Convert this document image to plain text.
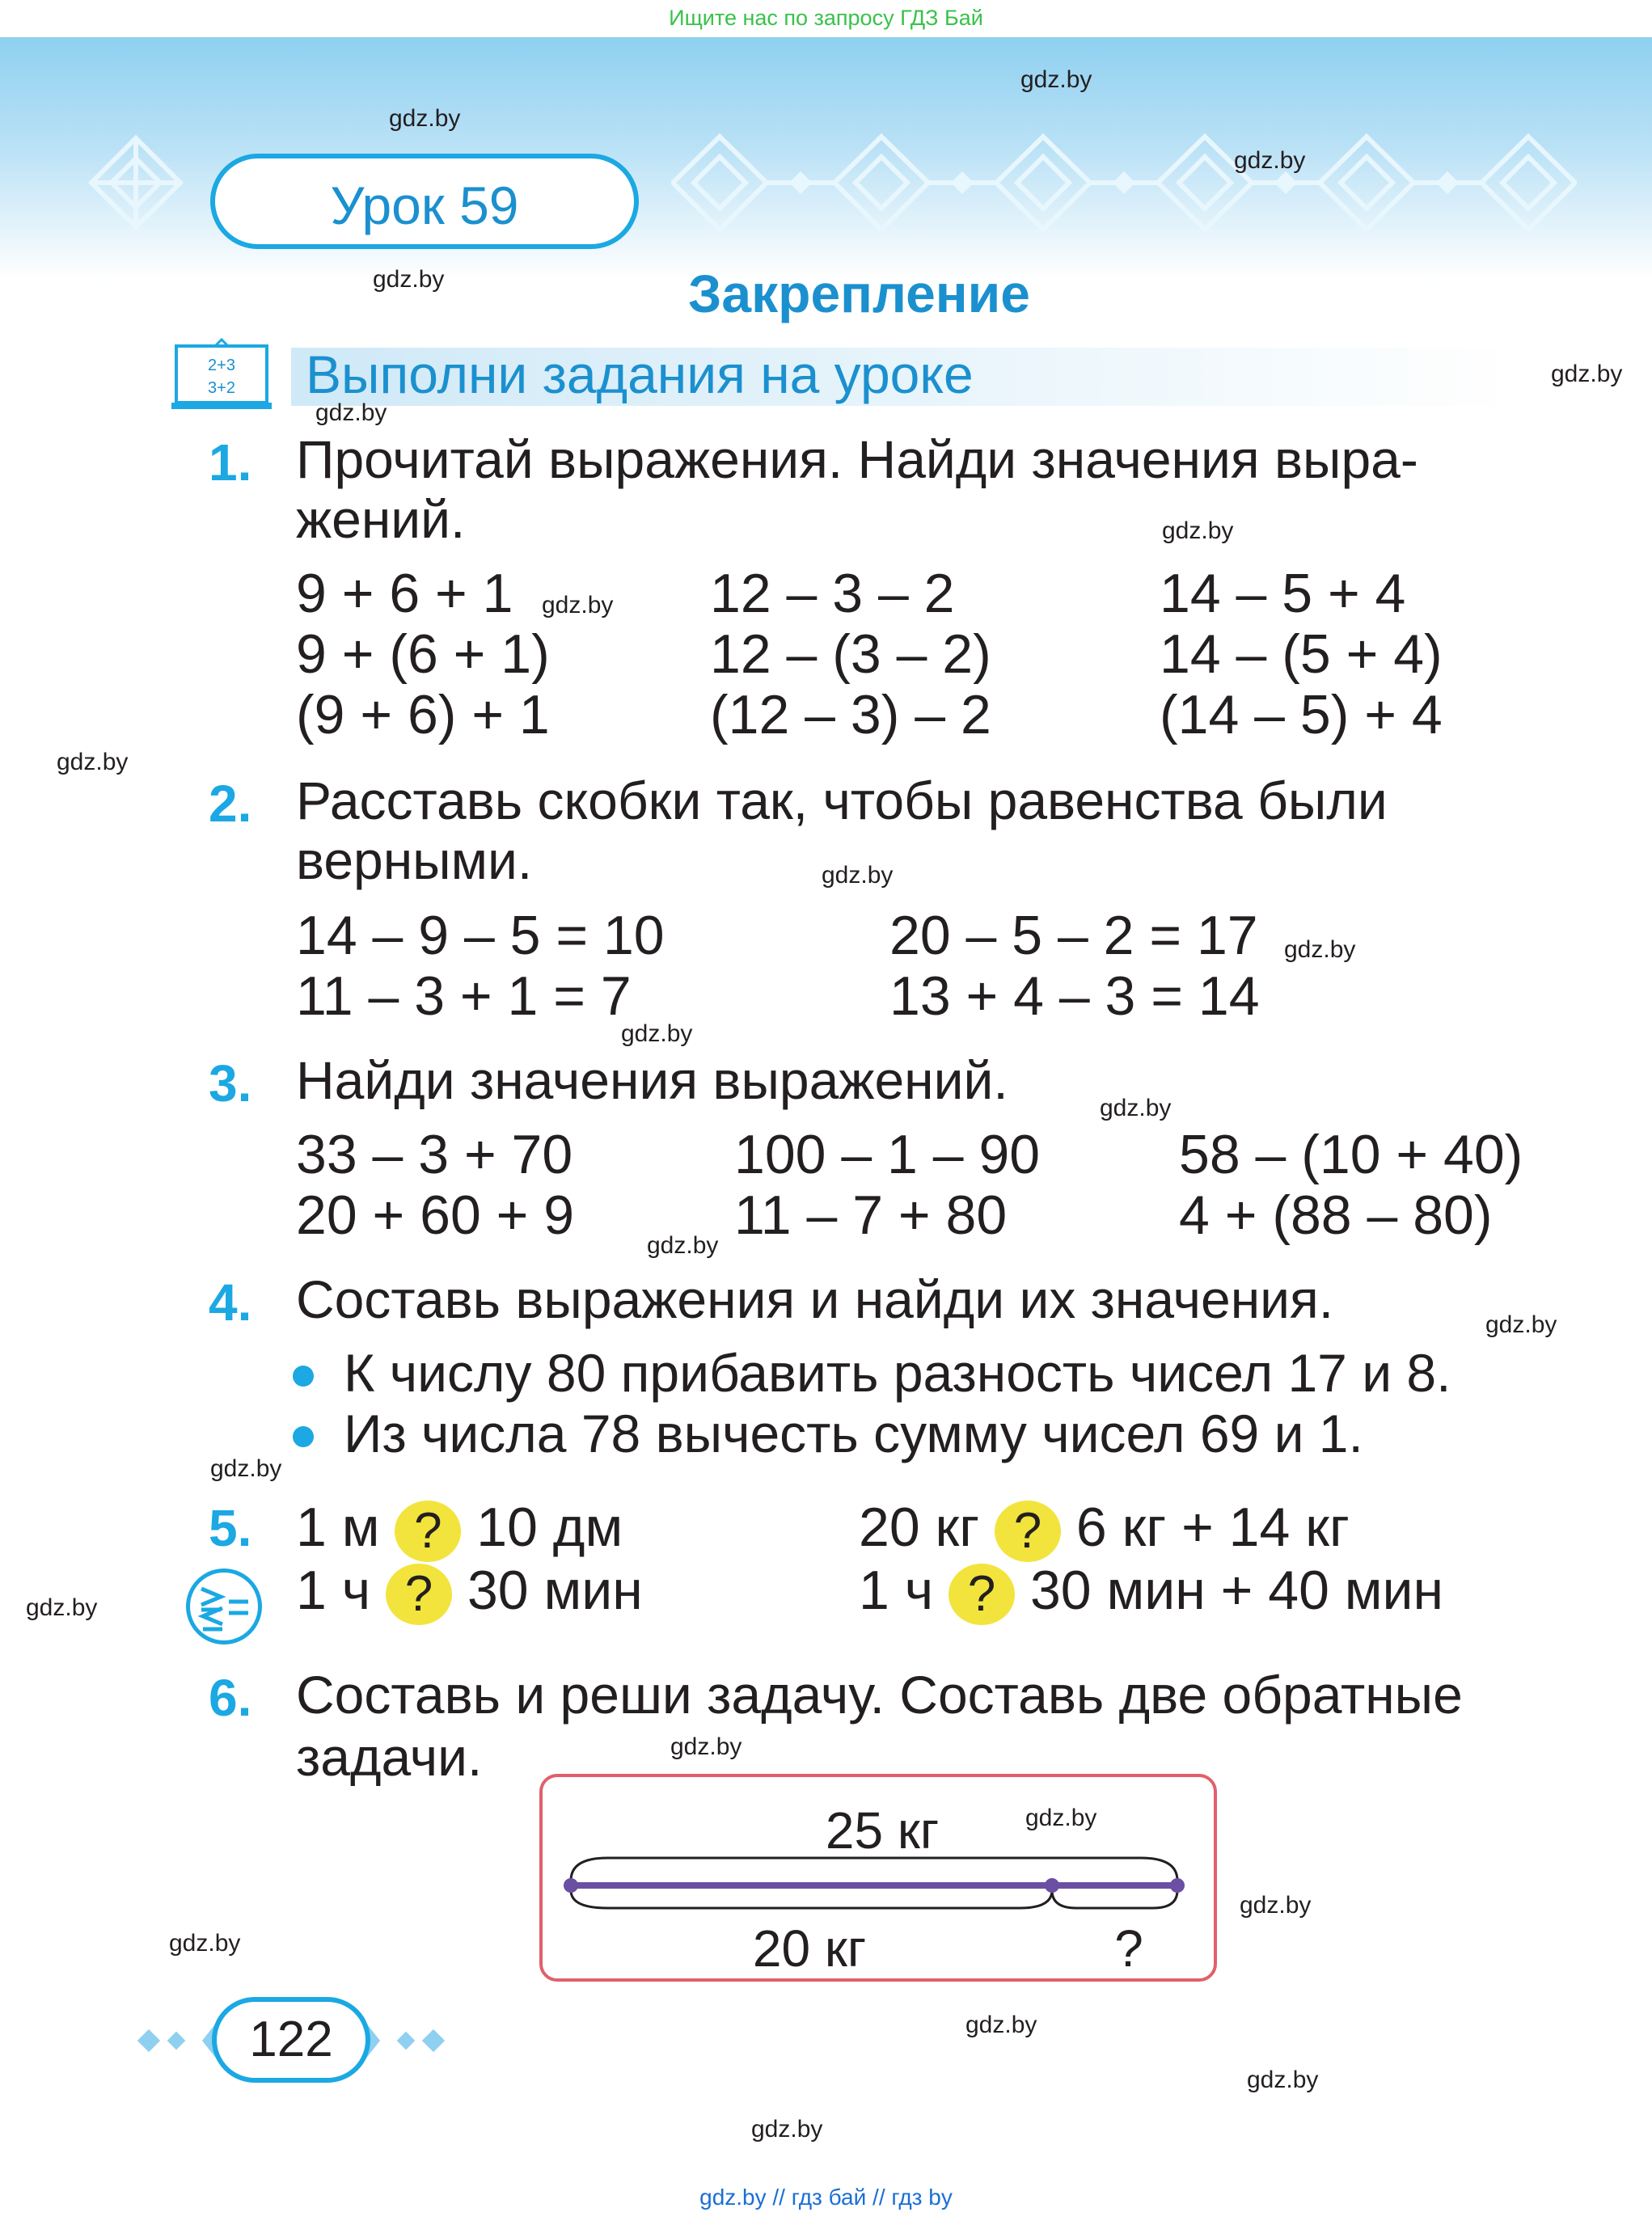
Ищите нас по запросу ГДЗ Бай
Урок 59
Закрепление
2+3
3+2 Выполни задания на уроке
gdz.by
gdz.by
gdz.by
gdz.by
gdz.by
gdz.by
gdz.by
gdz.by
gdz.by
gdz.by
gdz.by
gdz.by
gdz.by
gdz.by
gdz.by
gdz.by
gdz.by
gdz.by
gdz.by
gdz.by
gdz.by
gdz.by
gdz.by
gdz.by
1. Прочитай выражения. Найди значения выра-
жений.
9 + 6 + 1	12 – 3 – 2	14 – 5 + 4
9 + (6 + 1)	12 – (3 – 2)	14 – (5 + 4)
(9 + 6) + 1	(12 – 3) – 2	(14 – 5) + 4
2. Расставь скобки так, чтобы равенства были
верными.
14 – 9 – 5 = 10	20 – 5 – 2 = 17
11 – 3 + 1 = 7	13 + 4 – 3 = 14
3. Найди значения выражений.
33 – 3 + 70	100 – 1 – 90	58 – (10 + 40)
20 + 60 + 9	11 – 7 + 80	4 + (88 – 80)
4. Составь выражения и найди их значения.
К числу 80 прибавить разность чисел 17 и 8.
Из числа 78 вычесть сумму чисел 69 и 1.
5. 1 м ? 10 дм	20 кг ? 6 кг + 14 кг
1 ч ? 30 мин	1 ч ? 30 мин + 40 мин
6. Составь и реши задачу. Составь две обратные
задачи.
25 кг
20 кг	?
122
gdz.by // гдз бай // гдз by
